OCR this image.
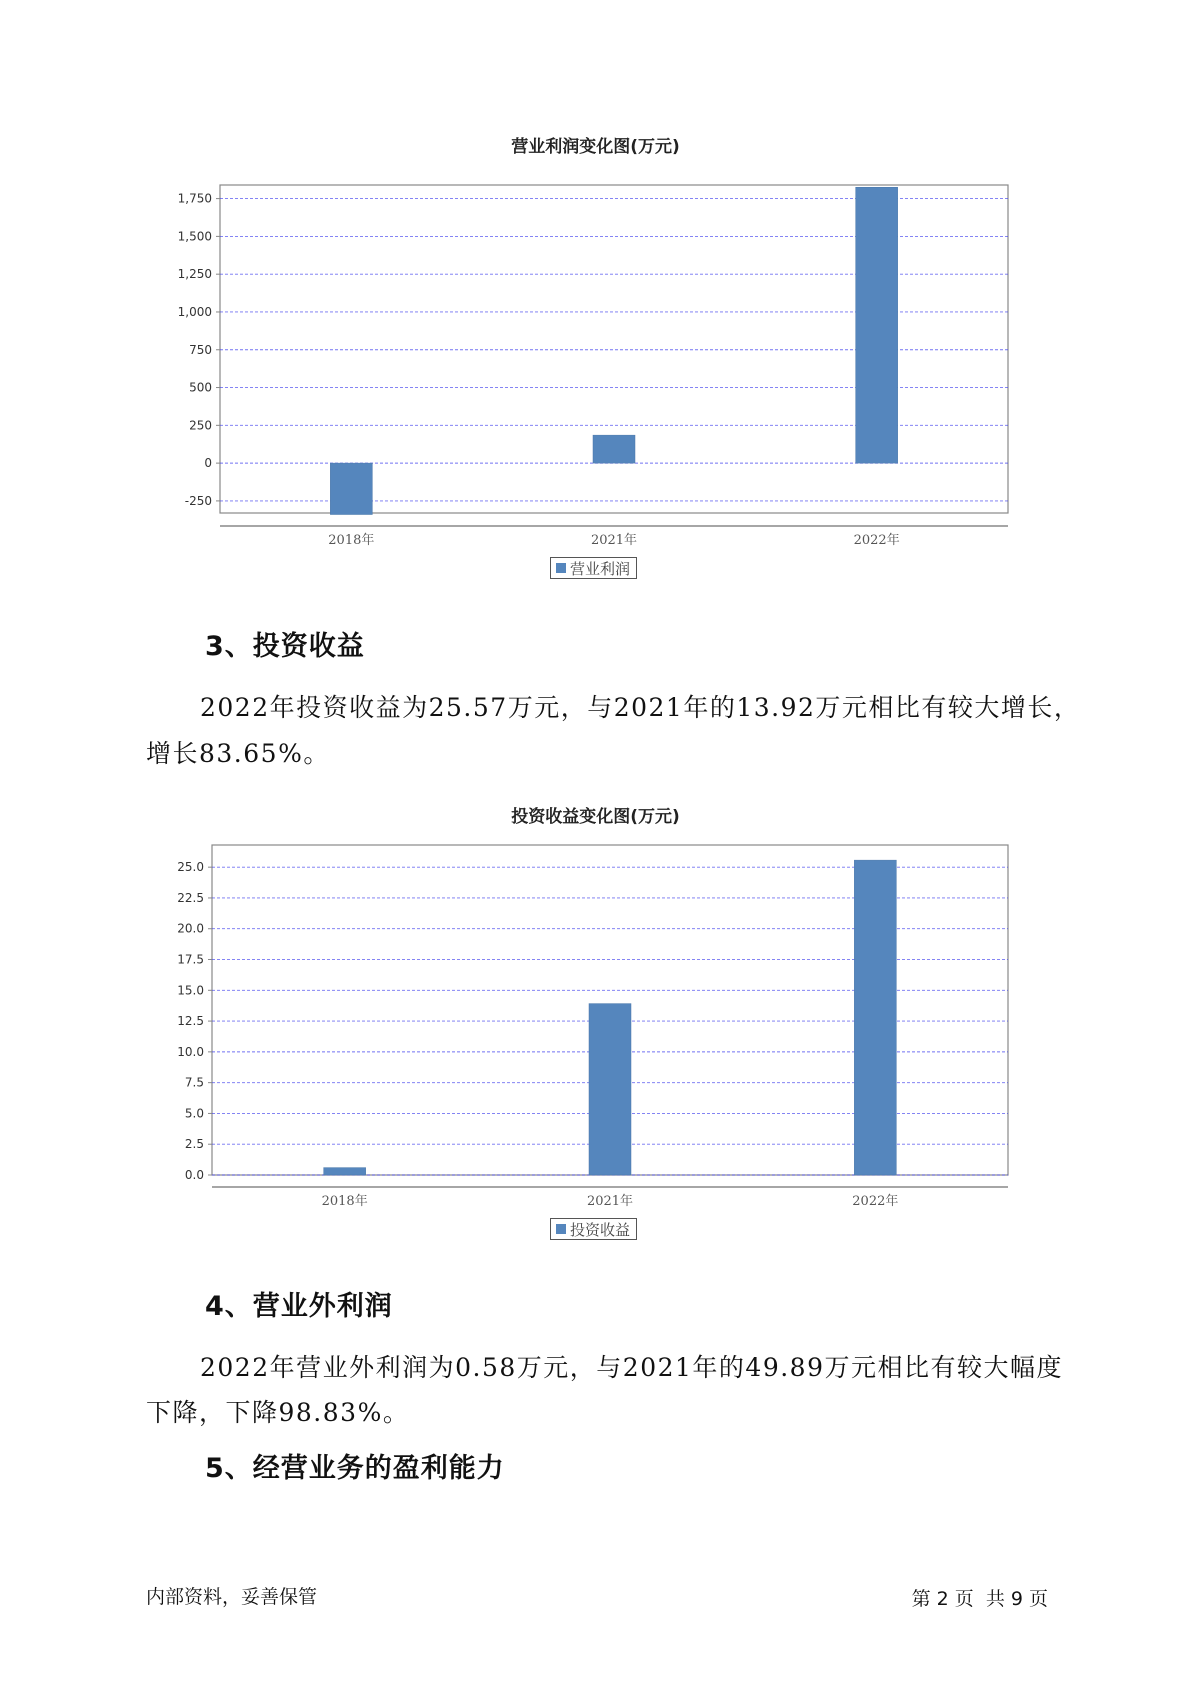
营业利润变化图(万元)
1,750
1,500
1,250
1,000
750
500
250
0
-250
2018年	2021年	2022年
营业利润
3、投资收益
2022年投资收益为25.57万元，与2021年的13.92万元相比有较大增长，
增长83.65%。
投资收益变化图(万元)
25.0
22.5
20.0
17.5
15.0
12.5
10.0
7.5
5.0
2.5
0.0
2018年	2021年	2022年
投资收益
4、营业外利润
2022年营业外利润为0.58万元，与2021年的49.89万元相比有较大幅度
下降，下降98.83%。
5、经营业务的盈利能力
内部资料，妥善保管	第 2 页  共 9 页
